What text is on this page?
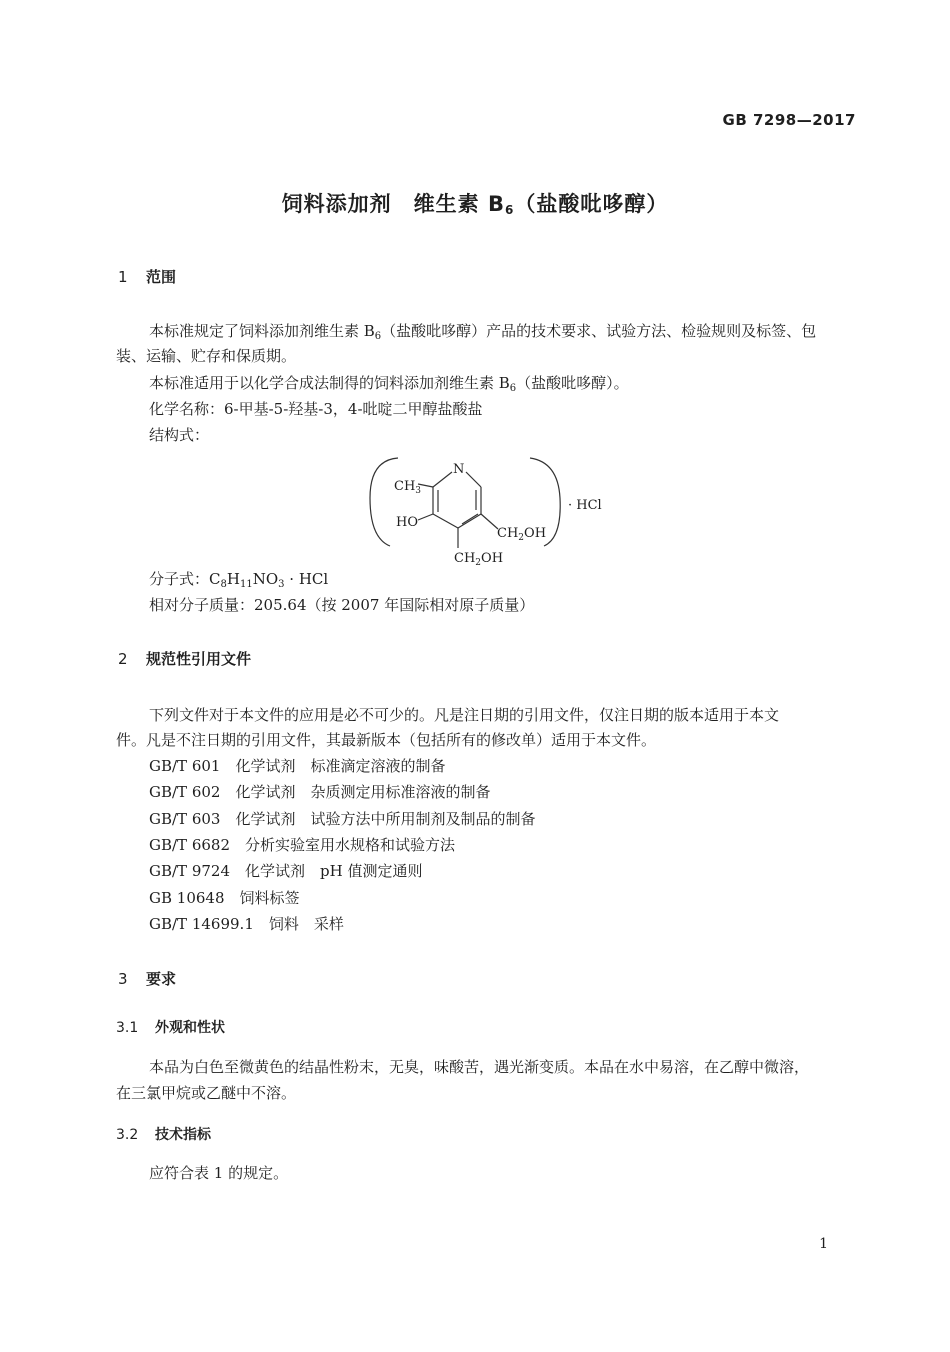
GB 7298—2017
饲料添加剂　维生素 $B_6$（盐酸吡哆醇）
1 范围
本标准规定了饲料添加剂维生素 $B_6$（盐酸吡哆醇）产品的技术要求、试验方法、检验规则及标签、包
装、运输、贮存和保质期。
本标准适用于以化学合成法制得的饲料添加剂维生素 $B_6$（盐酸吡哆醇）。
化学名称：6-甲基-5-羟基-3，4-吡啶二甲醇盐酸盐
结构式：
N
$CH_3$
HO
$CH_2OH$
$CH_2OH$
· HCl
分子式：$C_8H_{11}NO_3$ · HCl
相对分子质量：205.64（按 2007 年国际相对原子质量）
2 规范性引用文件
下列文件对于本文件的应用是必不可少的。凡是注日期的引用文件，仅注日期的版本适用于本文
件。凡是不注日期的引用文件，其最新版本（包括所有的修改单）适用于本文件。
GB/T 601　化学试剂　标准滴定溶液的制备
GB/T 602　化学试剂　杂质测定用标准溶液的制备
GB/T 603　化学试剂　试验方法中所用制剂及制品的制备
GB/T 6682　分析实验室用水规格和试验方法
GB/T 9724　化学试剂　pH 值测定通则
GB 10648　饲料标签
GB/T 14699.1　饲料　采样
3 要求
3.1 外观和性状
本品为白色至微黄色的结晶性粉末，无臭，味酸苦，遇光渐变质。本品在水中易溶，在乙醇中微溶，
在三氯甲烷或乙醚中不溶。
3.2 技术指标
应符合表 1 的规定。
1
